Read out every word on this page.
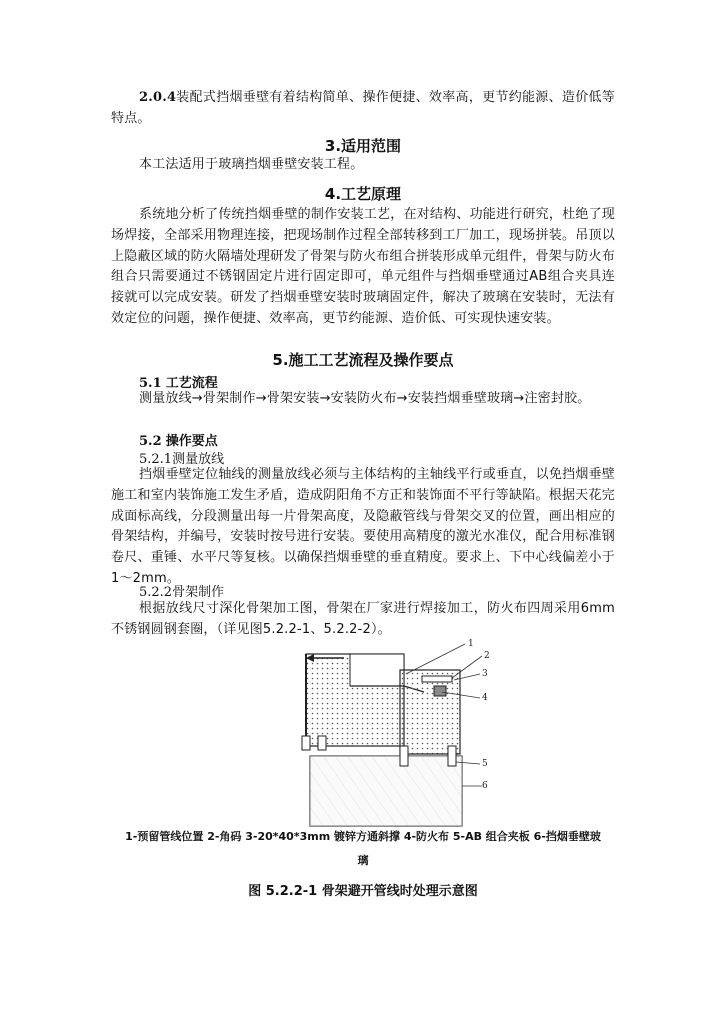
2.0.4装配式挡烟垂壁有着结构简单、操作便捷、效率高，更节约能源、造价低等特点。

3.适用范围

本工法适用于玻璃挡烟垂壁安装工程。

4.工艺原理

系统地分析了传统挡烟垂壁的制作安装工艺，在对结构、功能进行研究，杜绝了现场焊接，全部采用物理连接，把现场制作过程全部转移到工厂加工，现场拼装。吊顶以上隐蔽区域的防火隔墙处理研发了骨架与防火布组合拼装形成单元组件，骨架与防火布组合只需要通过不锈钢固定片进行固定即可，单元组件与挡烟垂壁通过AB组合夹具连接就可以完成安装。研发了挡烟垂壁安装时玻璃固定件，解决了玻璃在安装时，无法有效定位的问题，操作便捷、效率高，更节约能源、造价低、可实现快速安装。

5.施工工艺流程及操作要点

5.1 工艺流程

测量放线→骨架制作→骨架安装→安装防火布→安装挡烟垂壁玻璃→注密封胶。

5.2 操作要点

5.2.1测量放线

挡烟垂壁定位轴线的测量放线必须与主体结构的主轴线平行或垂直，以免挡烟垂壁施工和室内装饰施工发生矛盾，造成阴阳角不方正和装饰面不平行等缺陷。根据天花完成面标高线，分段测量出每一片骨架高度，及隐蔽管线与骨架交叉的位置，画出相应的骨架结构，并编号，安装时按号进行安装。要使用高精度的激光水准仪，配合用标准钢卷尺、重锤、水平尺等复核。以确保挡烟垂壁的垂直精度。要求上、下中心线偏差小于1～2mm。

5.2.2骨架制作

根据放线尺寸深化骨架加工图，骨架在厂家进行焊接加工，防火布四周采用6mm不锈钢圆钢套圈，（详见图5.2.2-1、5.2.2-2）。

1
2
3
4
5
6

1-预留管线位置 2-角码 3-20*40*3mm 镀锌方通斜撑 4-防火布 5-AB 组合夹板 6-挡烟垂壁玻

璃

图 5.2.2-1 骨架避开管线时处理示意图
